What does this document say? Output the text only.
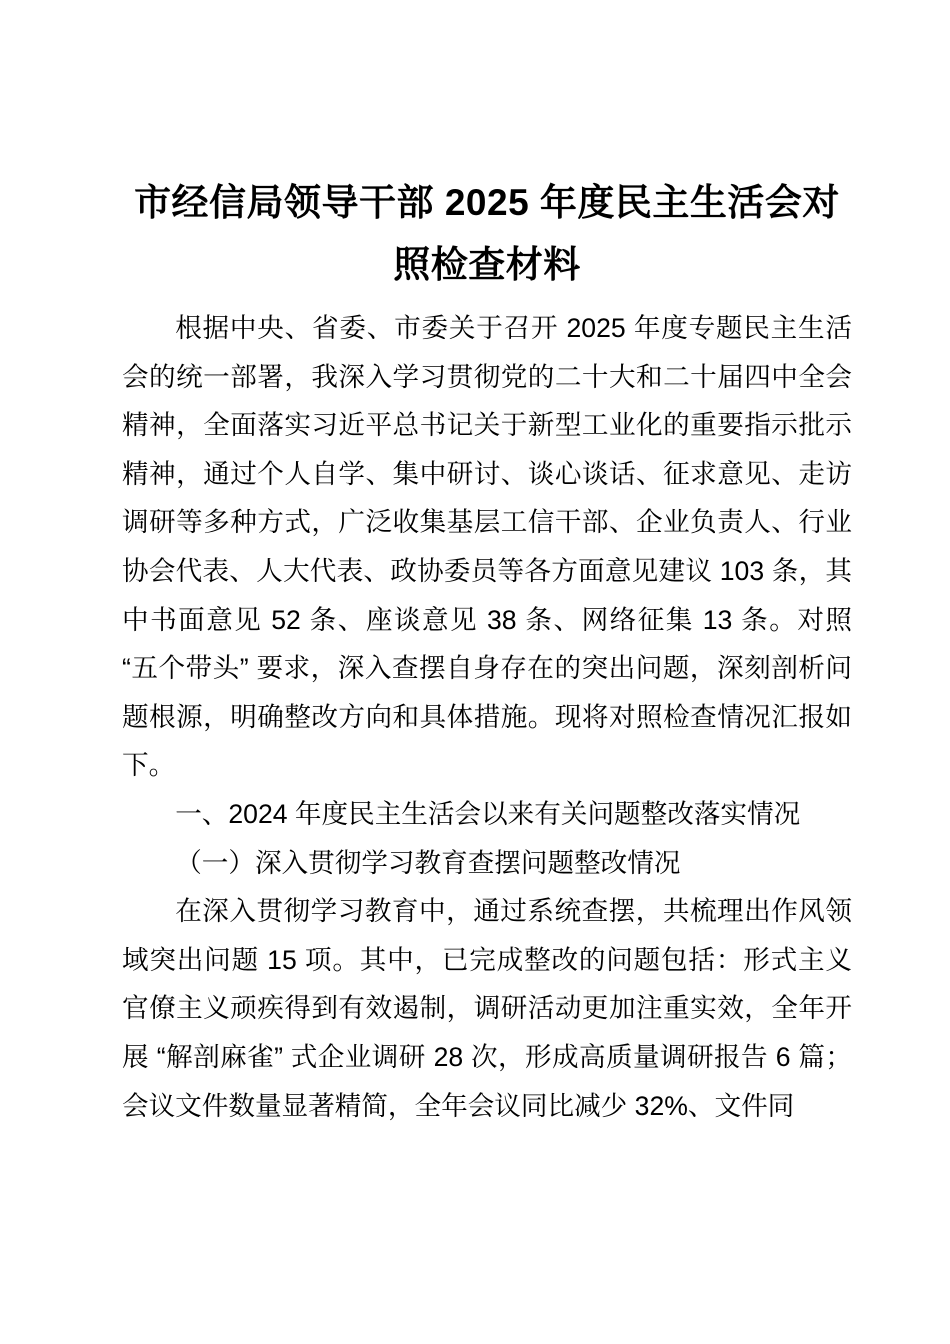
市经信局领导干部 2025 年度民主生活会对照检查材料

根据中央、省委、市委关于召开 2025 年度专题民主生活会的统一部署，我深入学习贯彻党的二十大和二十届四中全会精神，全面落实习近平总书记关于新型工业化的重要指示批示精神，通过个人自学、集中研讨、谈心谈话、征求意见、走访调研等多种方式，广泛收集基层工信干部、企业负责人、行业协会代表、人大代表、政协委员等各方面意见建议 103 条，其中书面意见 52 条、座谈意见 38 条、网络征集 13 条。对照 “五个带头” 要求，深入查摆自身存在的突出问题，深刻剖析问题根源，明确整改方向和具体措施。现将对照检查情况汇报如下。

一、2024 年度民主生活会以来有关问题整改落实情况

（一）深入贯彻学习教育查摆问题整改情况

在深入贯彻学习教育中，通过系统查摆，共梳理出作风领域突出问题 15 项。其中，已完成整改的问题包括：形式主义官僚主义顽疾得到有效遏制，调研活动更加注重实效，全年开展 “解剖麻雀” 式企业调研 28 次，形成高质量调研报告 6 篇；会议文件数量显著精简，全年会议同比减少 32%、文件同
